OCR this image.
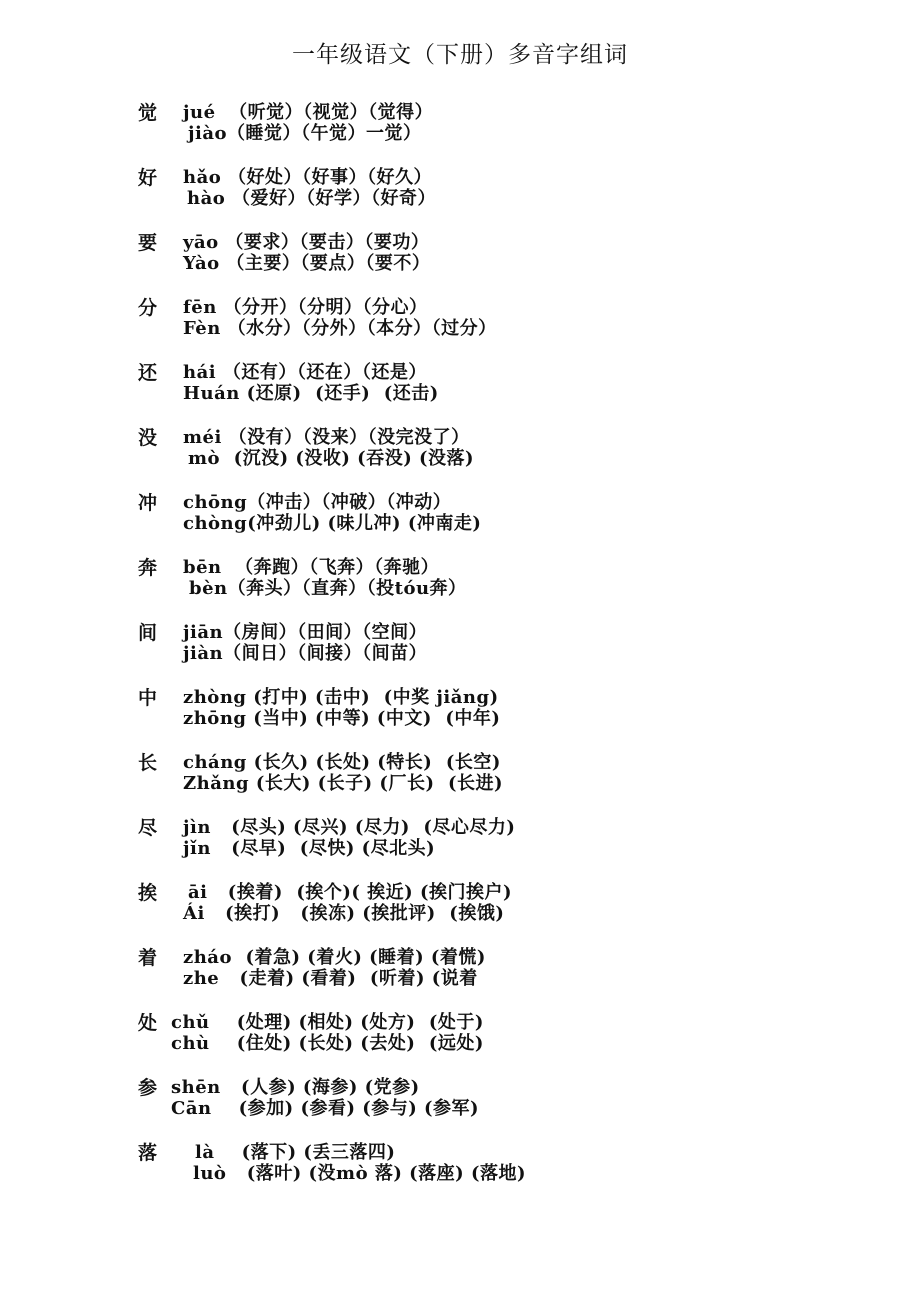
一年级语文（下册）多音字组词
觉 jué  （听觉）（视觉）（觉得）
jiào（睡觉）（午觉）一觉）
好 hǎo （好处）（好事）（好久）
hào （爱好）（好学）（好奇）
要 yāo （要求）（要击）（要功）
Yào （主要）（要点）（要不）
分 fēn （分开）（分明）（分心）
Fèn （水分）（分外）（本分）（过分）
还 hái （还有）（还在）（还是）
Huán (还原)  (还手)  (还击)
没 méi （没有）（没来）（没完没了）
mò  (沉没) (没收) (吞没) (没落)
冲 chōng（冲击）（冲破）（冲动）
chòng(冲劲儿) (味儿冲) (冲南走)
奔 bēn  （奔跑）（飞奔）（奔驰）
bèn（奔头）（直奔）（投tóu奔）
间 jiān（房间）（田间）（空间）
jiàn（间日）（间接）（间苗）
中 zhòng (打中) (击中)  (中奖 jiǎng)
zhōng (当中) (中等) (中文)  (中年)
长 cháng (长久) (长处) (特长)  (长空)
Zhǎng (长大) (长子) (厂长)  (长进)
尽 jìn   (尽头) (尽兴) (尽力)  (尽心尽力)
jǐn   (尽早)  (尽快) (尽北头)
挨 āi   (挨着)  (挨个)( 挨近) (挨门挨户)
Ái   (挨打)   (挨冻) (挨批评)  (挨饿)
着 zháo  (着急) (着火) (睡着) (着慌)
zhe   (走着) (看着)  (听着) (说着
处 chǔ    (处理) (相处) (处方)  (处于)
chù    (住处) (长处) (去处)  (远处)
参 shēn   (人参) (海参) (党参)
Cān    (参加) (参看) (参与) (参军)
落 là    (落下) (丢三落四)
luò   (落叶) (没mò 落) (落座) (落地)
